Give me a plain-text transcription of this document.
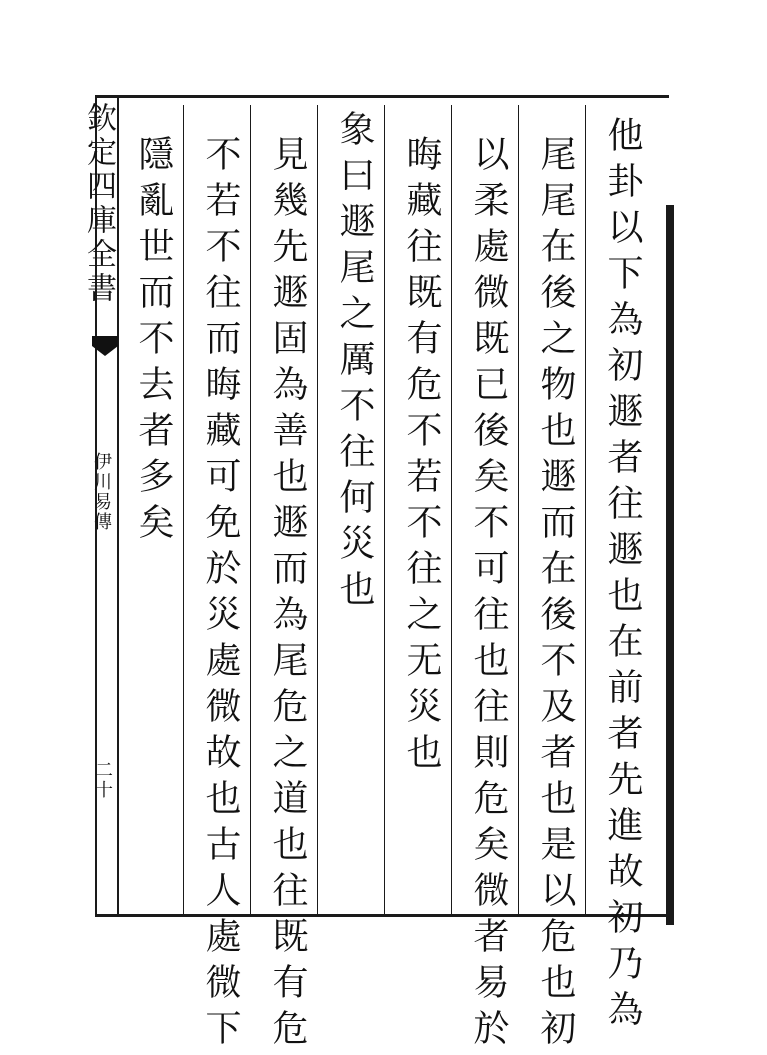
欽定四庫全書
伊川易傳
二十	他卦以下為初遯者往遯也在前者先進故初乃為
尾尾在後之物也遯而在後不及者也是以危也初
以柔處微既已後矣不可往也往則危矣微者易於
晦藏往既有危不若不往之无災也
象曰遯尾之厲不往何災也
見幾先遯固為善也遯而為尾危之道也往既有危
不若不往而晦藏可免於災處微故也古人處微下
隱亂世而不去者多矣
